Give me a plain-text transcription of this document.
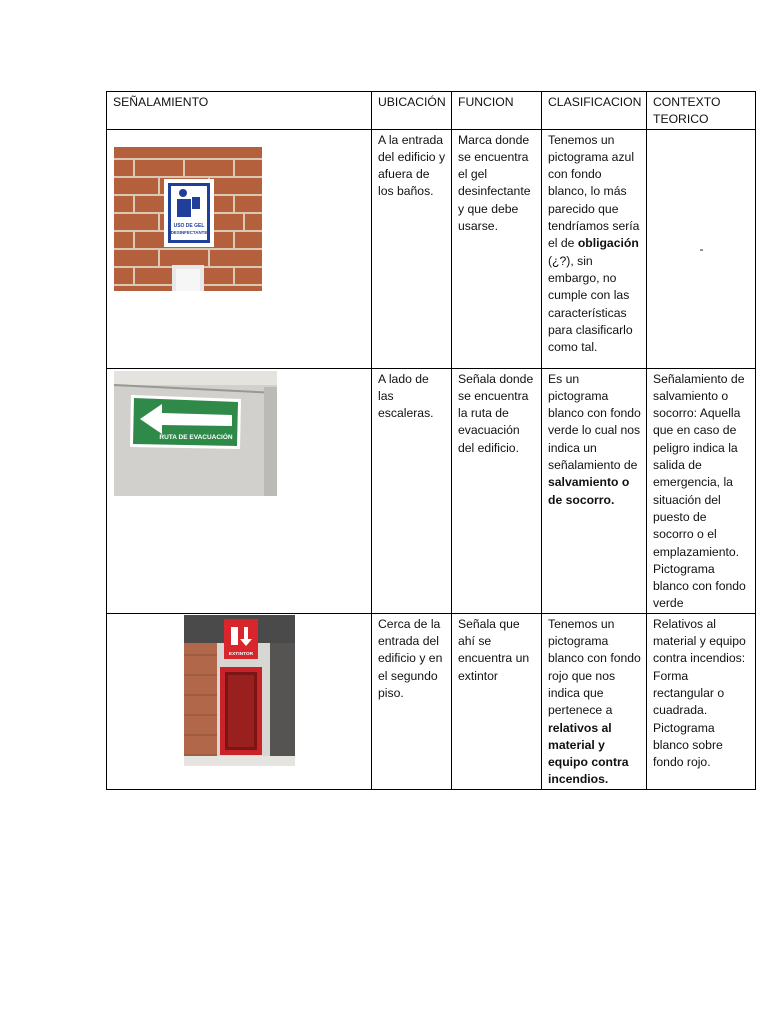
SEÑALAMIENTO	UBICACIÓN	FUNCION	CLASIFICACION	CONTEXTO TEORICO

USO DE GEL
DESINFECTANTE	A la entrada del edificio y afuera de los baños.	Marca donde se encuentra el gel desinfectante y que debe usarse.	Tenemos un pictograma azul con fondo blanco, lo más parecido que tendríamos sería el de obligación (¿?), sin embargo, no cumple con las características para clasificarlo como tal.	-

RUTA DE EVACUACIÓN	A lado de las escaleras.	Señala donde se encuentra la ruta de evacuación del edificio.	Es un pictograma blanco con fondo verde lo cual nos indica un señalamiento de salvamiento o de socorro.	Señalamiento de salvamiento o socorro: Aquella que en caso de peligro indica la salida de emergencia, la situación del puesto de socorro o el emplazamiento. Pictograma blanco con fondo verde

EXTINTOR	Cerca de la entrada del edificio y en el segundo piso.	Señala que ahí se encuentra un extintor	Tenemos un pictograma blanco con fondo rojo que nos indica que pertenece a relativos al material y equipo contra incendios.	Relativos al material y equipo contra incendios: Forma rectangular o cuadrada. Pictograma blanco sobre fondo rojo.
